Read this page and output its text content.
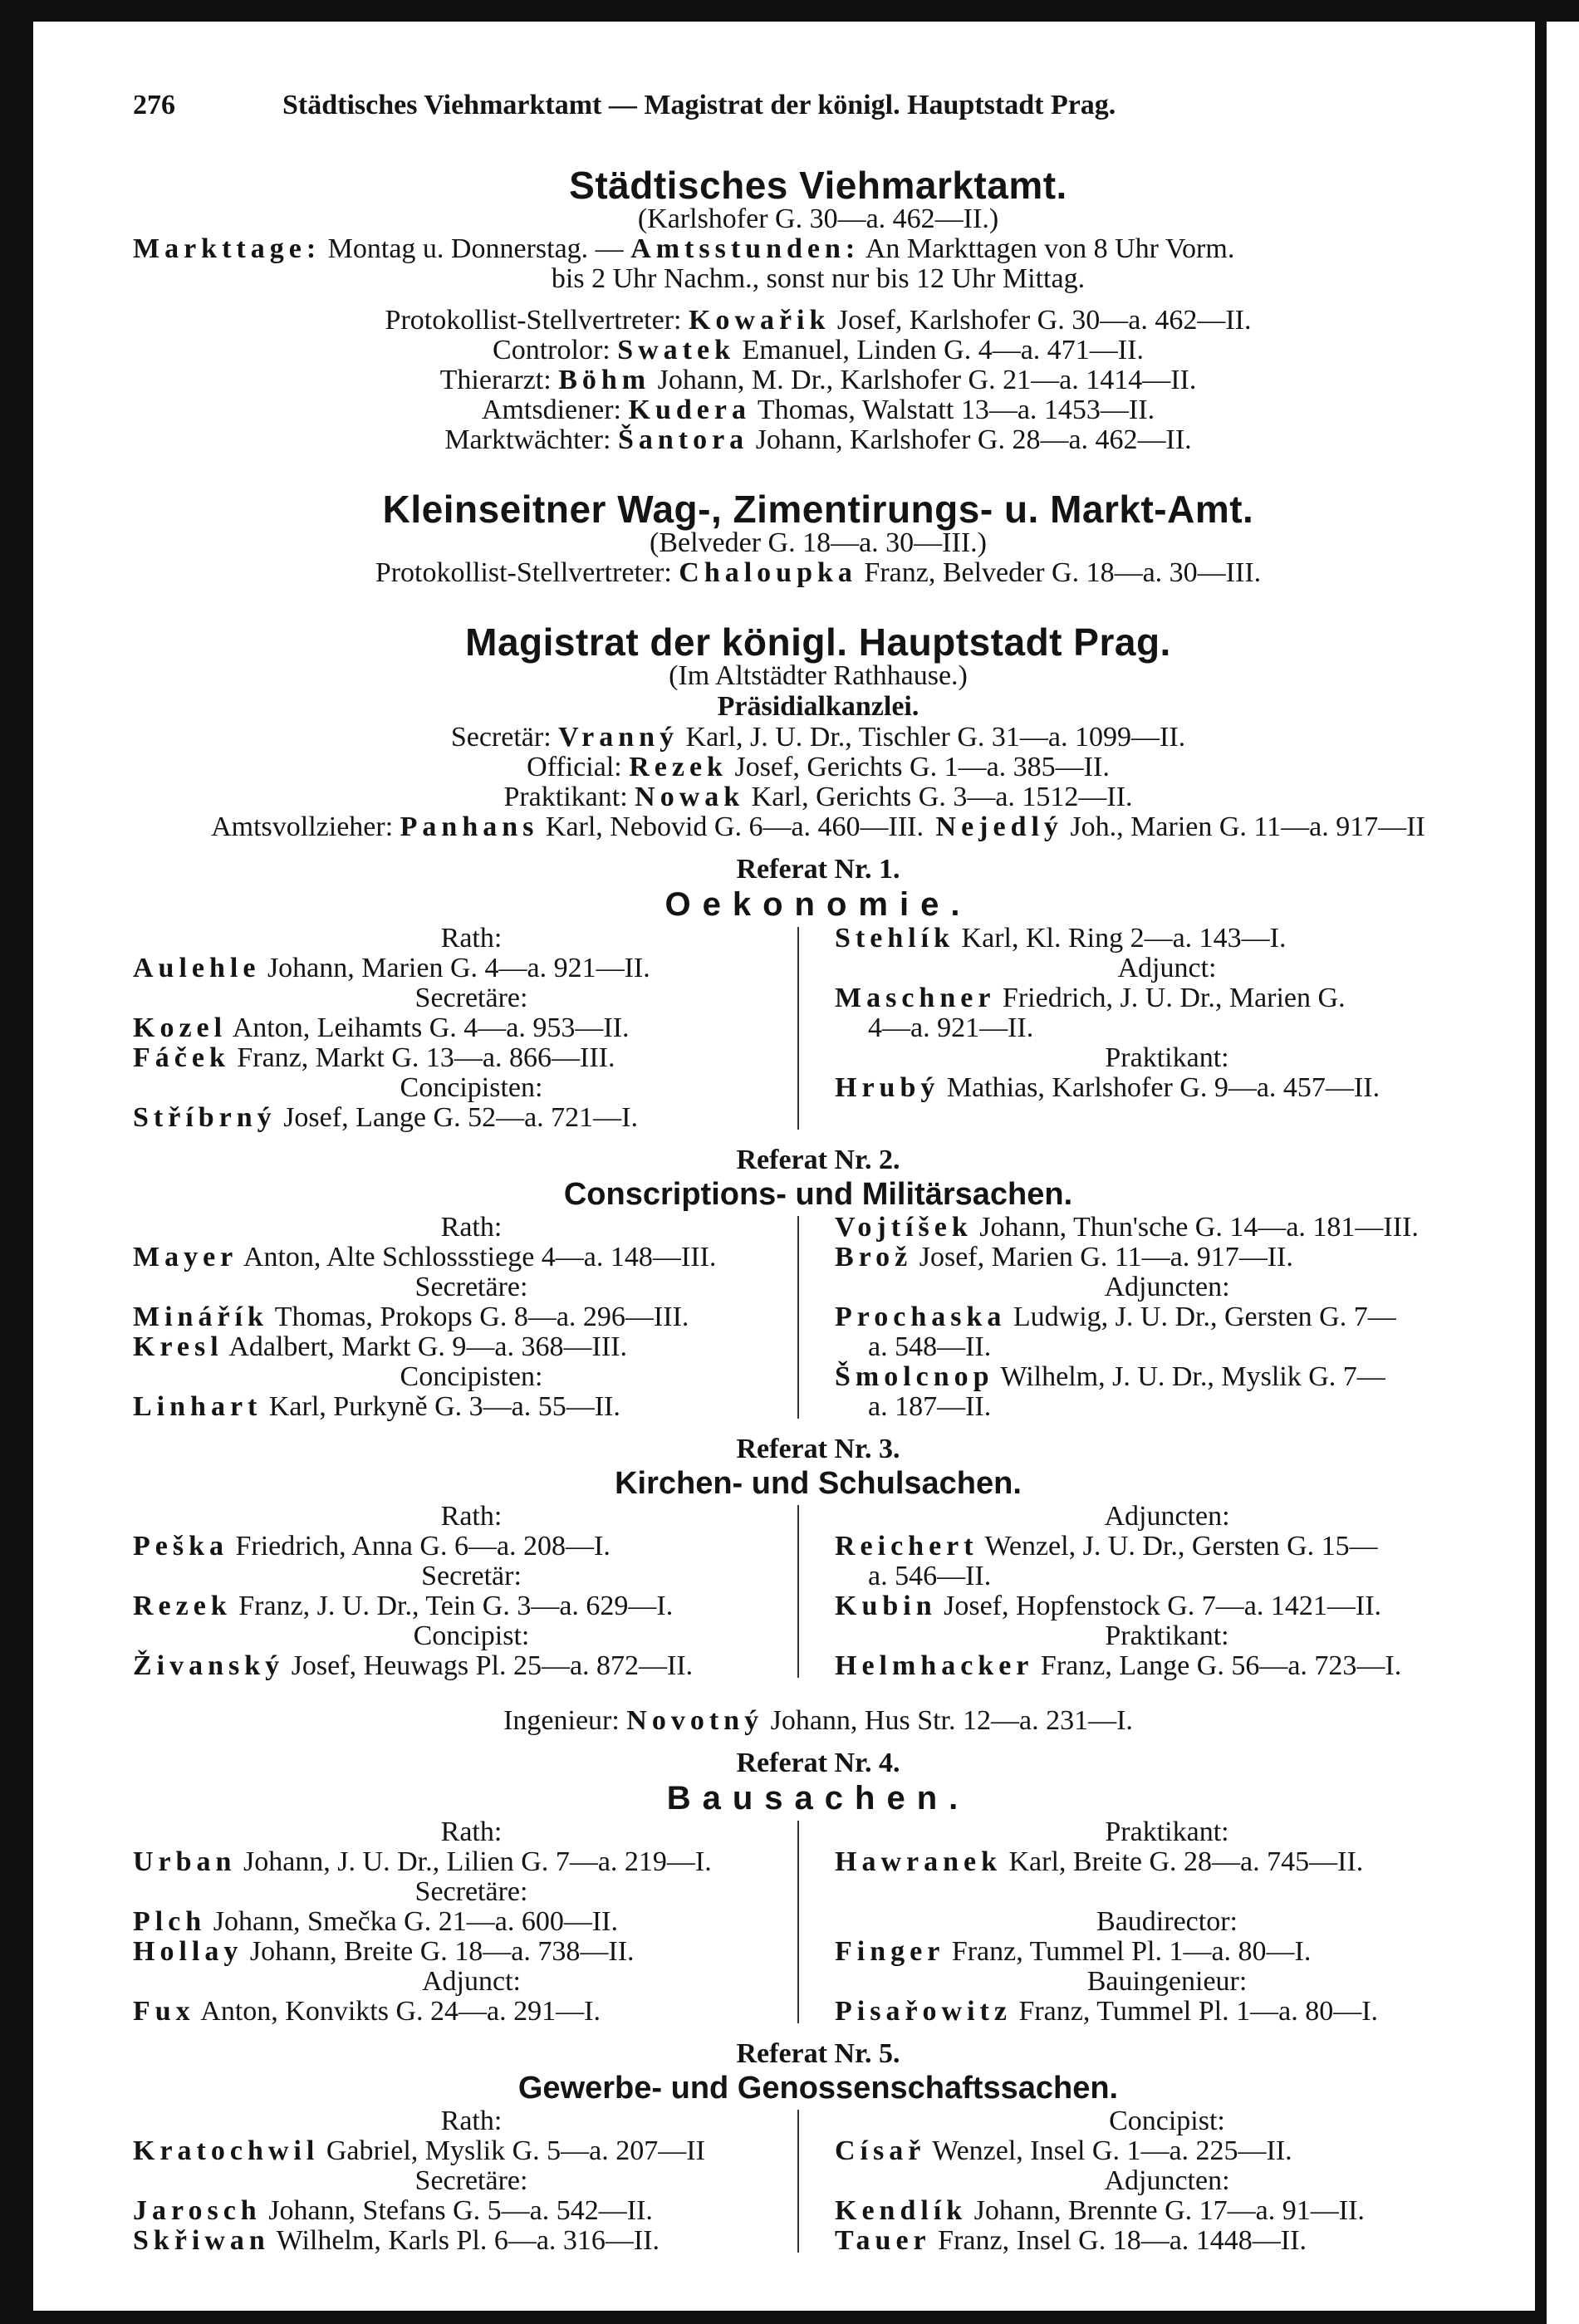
276	Städtisches Viehmarktamt — Magistrat der königl. Hauptstadt Prag.
Städtisches Viehmarktamt.
(Karlshofer G. 30—a. 462—II.)
Markttage: Montag u. Donnerstag. — Amtsstunden: An Markttagen von 8 Uhr Vorm.
bis 2 Uhr Nachm., sonst nur bis 12 Uhr Mittag.
Protokollist-Stellvertreter: Kowařik Josef, Karlshofer G. 30—a. 462—II.
Controlor: Swatek Emanuel, Linden G. 4—a. 471—II.
Thierarzt: Böhm Johann, M. Dr., Karlshofer G. 21—a. 1414—II.
Amtsdiener: Kudera Thomas, Walstatt 13—a. 1453—II.
Marktwächter: Šantora Johann, Karlshofer G. 28—a. 462—II.
Kleinseitner Wag-, Zimentirungs- u. Markt-Amt.
(Belveder G. 18—a. 30—III.)
Protokollist-Stellvertreter: Chaloupka Franz, Belveder G. 18—a. 30—III.
Magistrat der königl. Hauptstadt Prag.
(Im Altstädter Rathhause.)
Präsidialkanzlei.
Secretär: Vranný Karl, J. U. Dr., Tischler G. 31—a. 1099—II.
Official: Rezek Josef, Gerichts G. 1—a. 385—II.
Praktikant: Nowak Karl, Gerichts G. 3—a. 1512—II.
Amtsvollzieher: Panhans Karl, Nebovid G. 6—a. 460—III. Nejedlý Joh., Marien G. 11—a. 917—II
Referat Nr. 1.
Oekonomie.
Rath:
Aulehle Johann, Marien G. 4—a. 921—II.
Secretäre:
Kozel Anton, Leihamts G. 4—a. 953—II.
Fáček Franz, Markt G. 13—a. 866—III.
Concipisten:
Stříbrný Josef, Lange G. 52—a. 721—I.
Stehlík Karl, Kl. Ring 2—a. 143—I.
Adjunct:
Maschner Friedrich, J. U. Dr., Marien G.
4—a. 921—II.
Praktikant:
Hrubý Mathias, Karlshofer G. 9—a. 457—II.
Referat Nr. 2.
Conscriptions- und Militärsachen.
Rath:
Mayer Anton, Alte Schlossstiege 4—a. 148—III.
Secretäre:
Minářík Thomas, Prokops G. 8—a. 296—III.
Kresl Adalbert, Markt G. 9—a. 368—III.
Concipisten:
Linhart Karl, Purkyně G. 3—a. 55—II.
Vojtíšek Johann, Thun'sche G. 14—a. 181—III.
Brož Josef, Marien G. 11—a. 917—II.
Adjuncten:
Prochaska Ludwig, J. U. Dr., Gersten G. 7—
a. 548—II.
Šmolcnop Wilhelm, J. U. Dr., Myslik G. 7—
a. 187—II.
Referat Nr. 3.
Kirchen- und Schulsachen.
Rath:
Peška Friedrich, Anna G. 6—a. 208—I.
Secretär:
Rezek Franz, J. U. Dr., Tein G. 3—a. 629—I.
Concipist:
Živanský Josef, Heuwags Pl. 25—a. 872—II.
Adjuncten:
Reichert Wenzel, J. U. Dr., Gersten G. 15—
a. 546—II.
Kubin Josef, Hopfenstock G. 7—a. 1421—II.
Praktikant:
Helmhacker Franz, Lange G. 56—a. 723—I.
Ingenieur: Novotný Johann, Hus Str. 12—a. 231—I.
Referat Nr. 4.
Bausachen.
Rath:
Urban Johann, J. U. Dr., Lilien G. 7—a. 219—I.
Secretäre:
Plch Johann, Smečka G. 21—a. 600—II.
Hollay Johann, Breite G. 18—a. 738—II.
Adjunct:
Fux Anton, Konvikts G. 24—a. 291—I.
Praktikant:
Hawranek Karl, Breite G. 28—a. 745—II.
Baudirector:
Finger Franz, Tummel Pl. 1—a. 80—I.
Bauingenieur:
Pisařowitz Franz, Tummel Pl. 1—a. 80—I.
Referat Nr. 5.
Gewerbe- und Genossenschaftssachen.
Rath:
Kratochwil Gabriel, Myslik G. 5—a. 207—II
Secretäre:
Jarosch Johann, Stefans G. 5—a. 542—II.
Skřiwan Wilhelm, Karls Pl. 6—a. 316—II.
Concipist:
Císař Wenzel, Insel G. 1—a. 225—II.
Adjuncten:
Kendlík Johann, Brennte G. 17—a. 91—II.
Tauer Franz, Insel G. 18—a. 1448—II.
